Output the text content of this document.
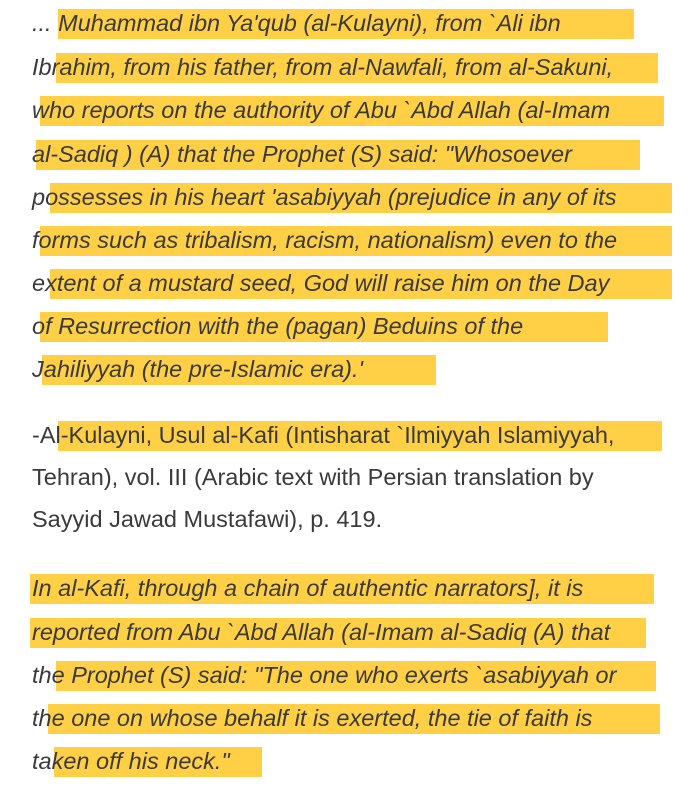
... Muhammad ibn Ya'qub (al-Kulayni), from `Ali ibn
Ibrahim, from his father, from al-Nawfali, from al-Sakuni,
who reports on the authority of Abu `Abd Allah (al-Imam
al-Sadiq ) (A) that the Prophet (S) said: "Whosoever
possesses in his heart 'asabiyyah (prejudice in any of its
forms such as tribalism, racism, nationalism) even to the
extent of a mustard seed, God will raise him on the Day
of Resurrection with the (pagan) Beduins of the
Jahiliyyah (the pre-Islamic era).'
-Al-Kulayni, Usul al-Kafi (Intisharat `Ilmiyyah Islamiyyah,
Tehran), vol. III (Arabic text with Persian translation by
Sayyid Jawad Mustafawi), p. 419.
In al-Kafi, through a chain of authentic narrators], it is
reported from Abu `Abd Allah (al-Imam al-Sadiq (A) that
the Prophet (S) said: "The one who exerts `asabiyyah or
the one on whose behalf it is exerted, the tie of faith is
taken off his neck."
